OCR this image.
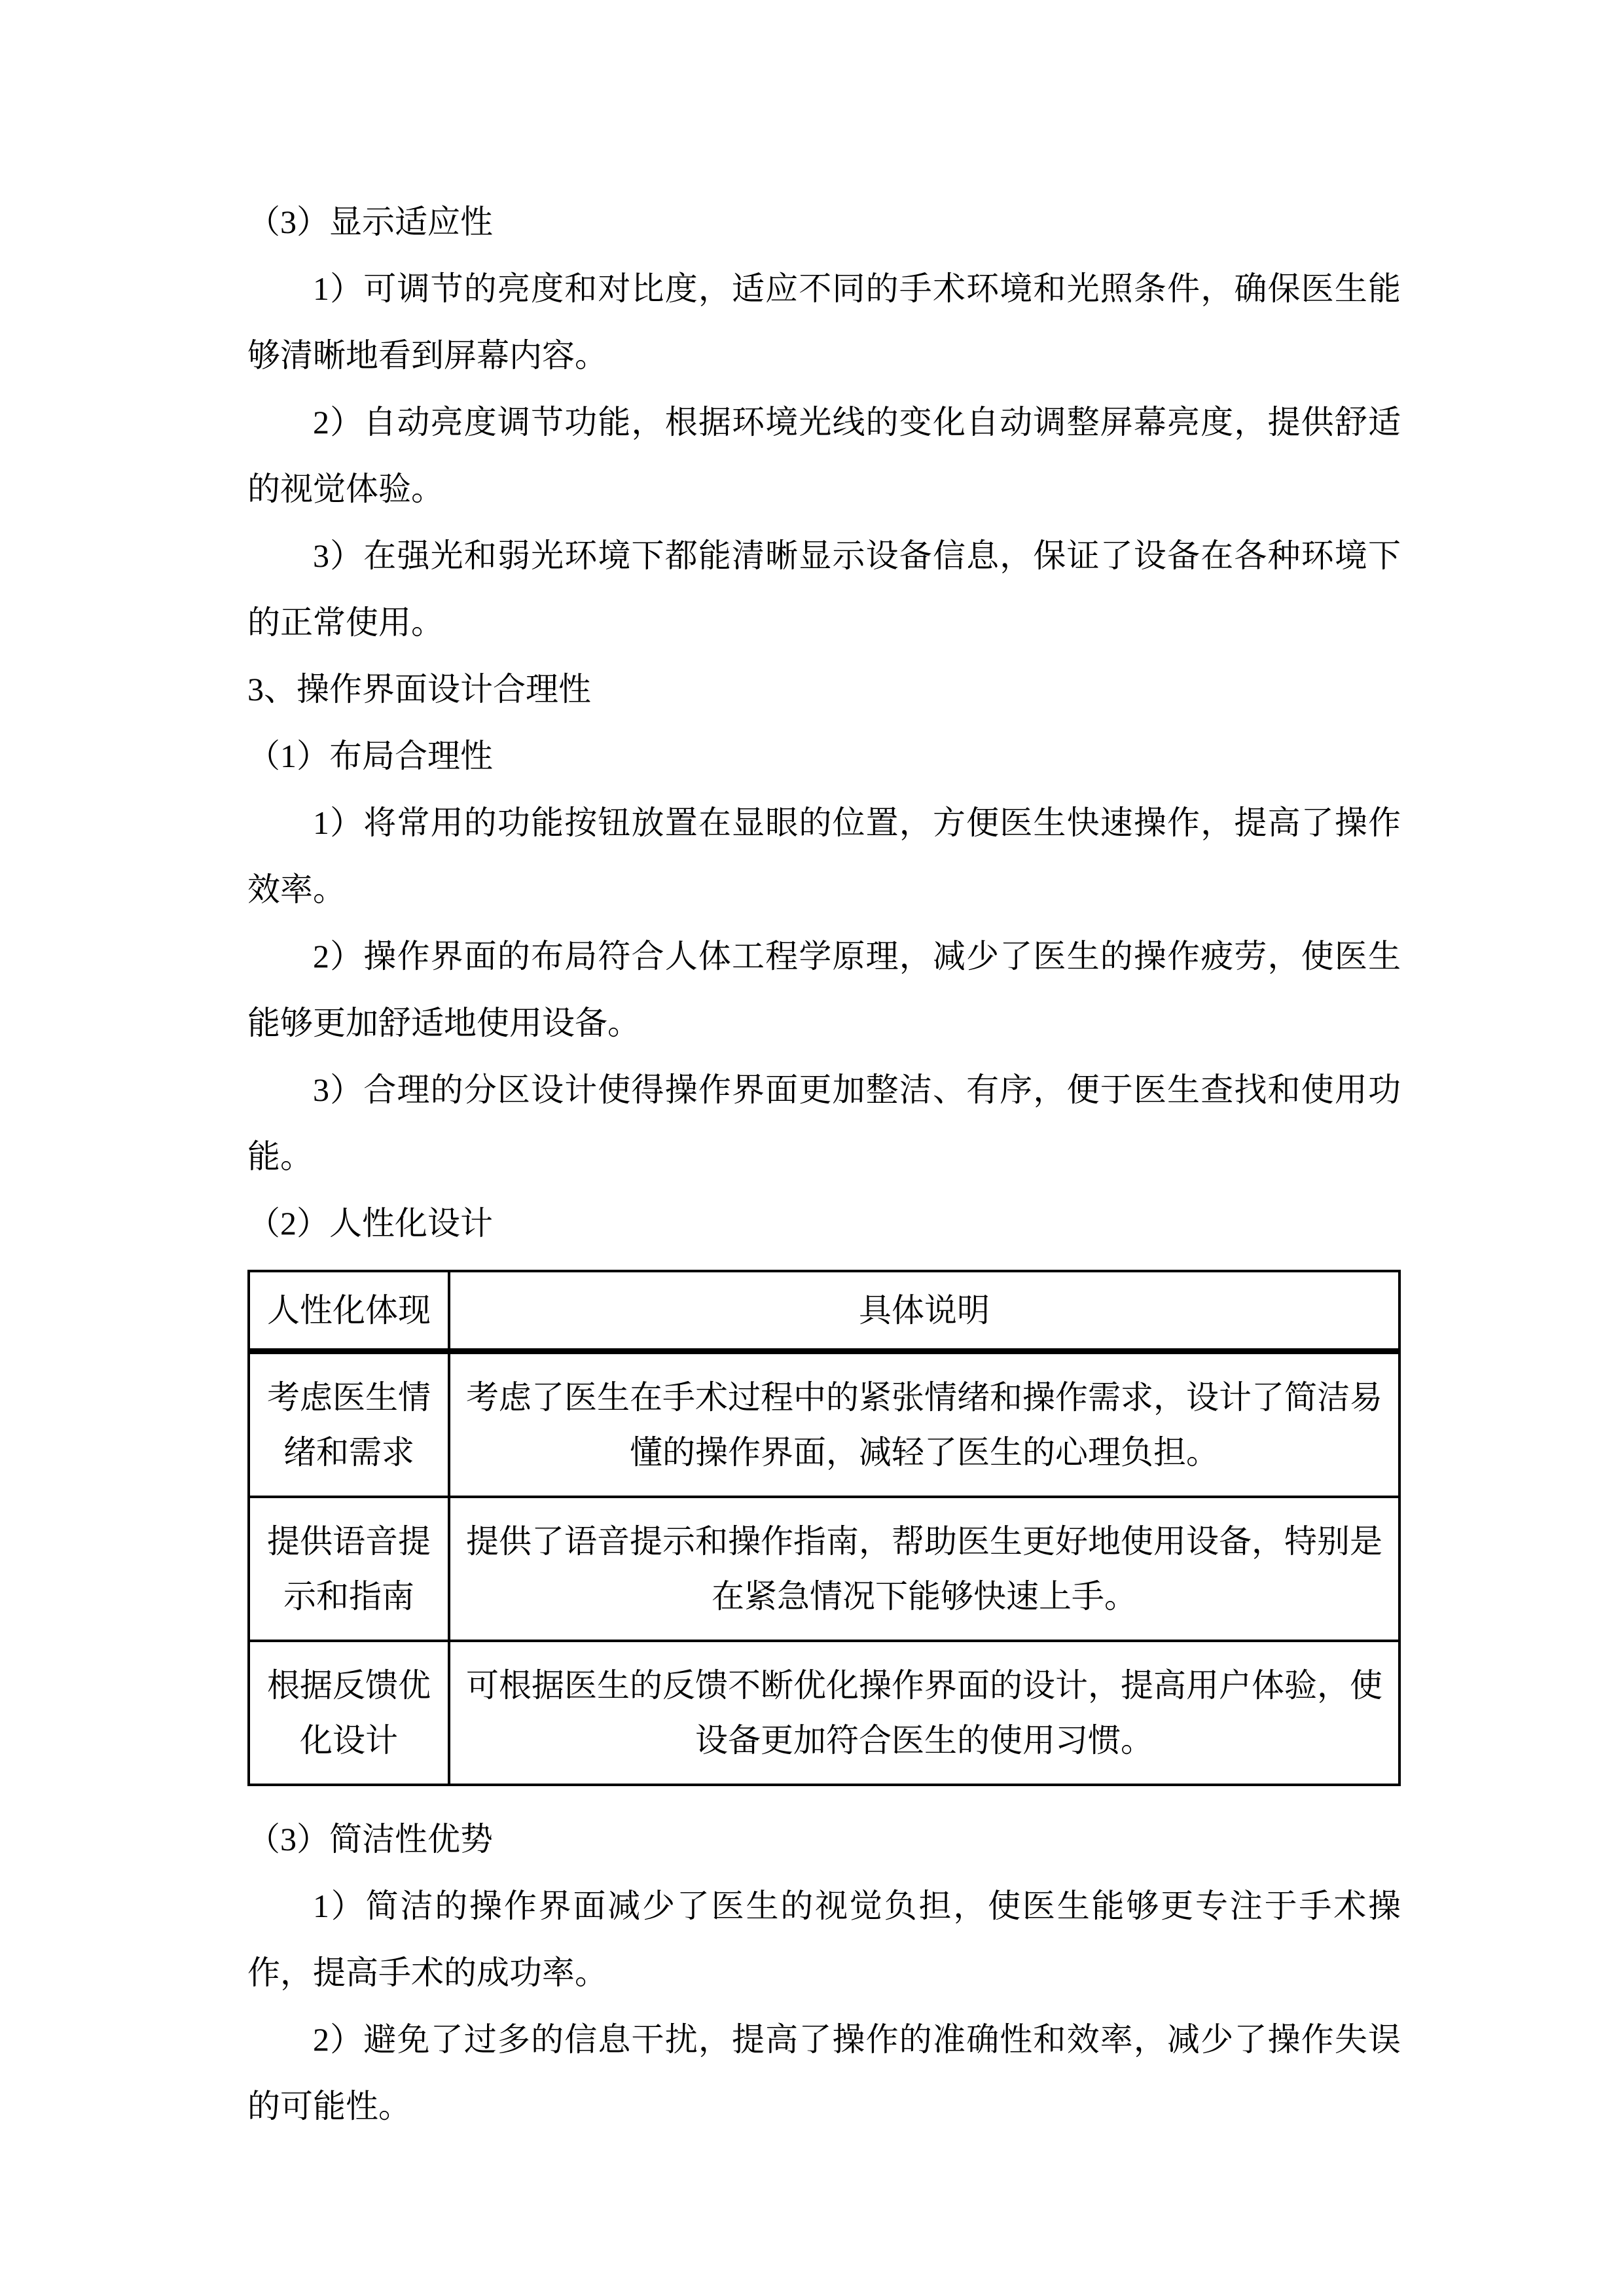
（3）显示适应性

1）可调节的亮度和对比度，适应不同的手术环境和光照条件，确保医生能够清晰地看到屏幕内容。

2）自动亮度调节功能，根据环境光线的变化自动调整屏幕亮度，提供舒适的视觉体验。

3）在强光和弱光环境下都能清晰显示设备信息，保证了设备在各种环境下的正常使用。

3、操作界面设计合理性

（1）布局合理性

1）将常用的功能按钮放置在显眼的位置，方便医生快速操作，提高了操作效率。

2）操作界面的布局符合人体工程学原理，减少了医生的操作疲劳，使医生能够更加舒适地使用设备。

3）合理的分区设计使得操作界面更加整洁、有序，便于医生查找和使用功能。

（2）人性化设计

人性化体现	具体说明
考虑医生情绪和需求	考虑了医生在手术过程中的紧张情绪和操作需求，设计了简洁易懂的操作界面，减轻了医生的心理负担。
提供语音提示和指南	提供了语音提示和操作指南，帮助医生更好地使用设备，特别是在紧急情况下能够快速上手。
根据反馈优化设计	可根据医生的反馈不断优化操作界面的设计，提高用户体验，使设备更加符合医生的使用习惯。

（3）简洁性优势

1）简洁的操作界面减少了医生的视觉负担，使医生能够更专注于手术操作，提高手术的成功率。

2）避免了过多的信息干扰，提高了操作的准确性和效率，减少了操作失误的可能性。
